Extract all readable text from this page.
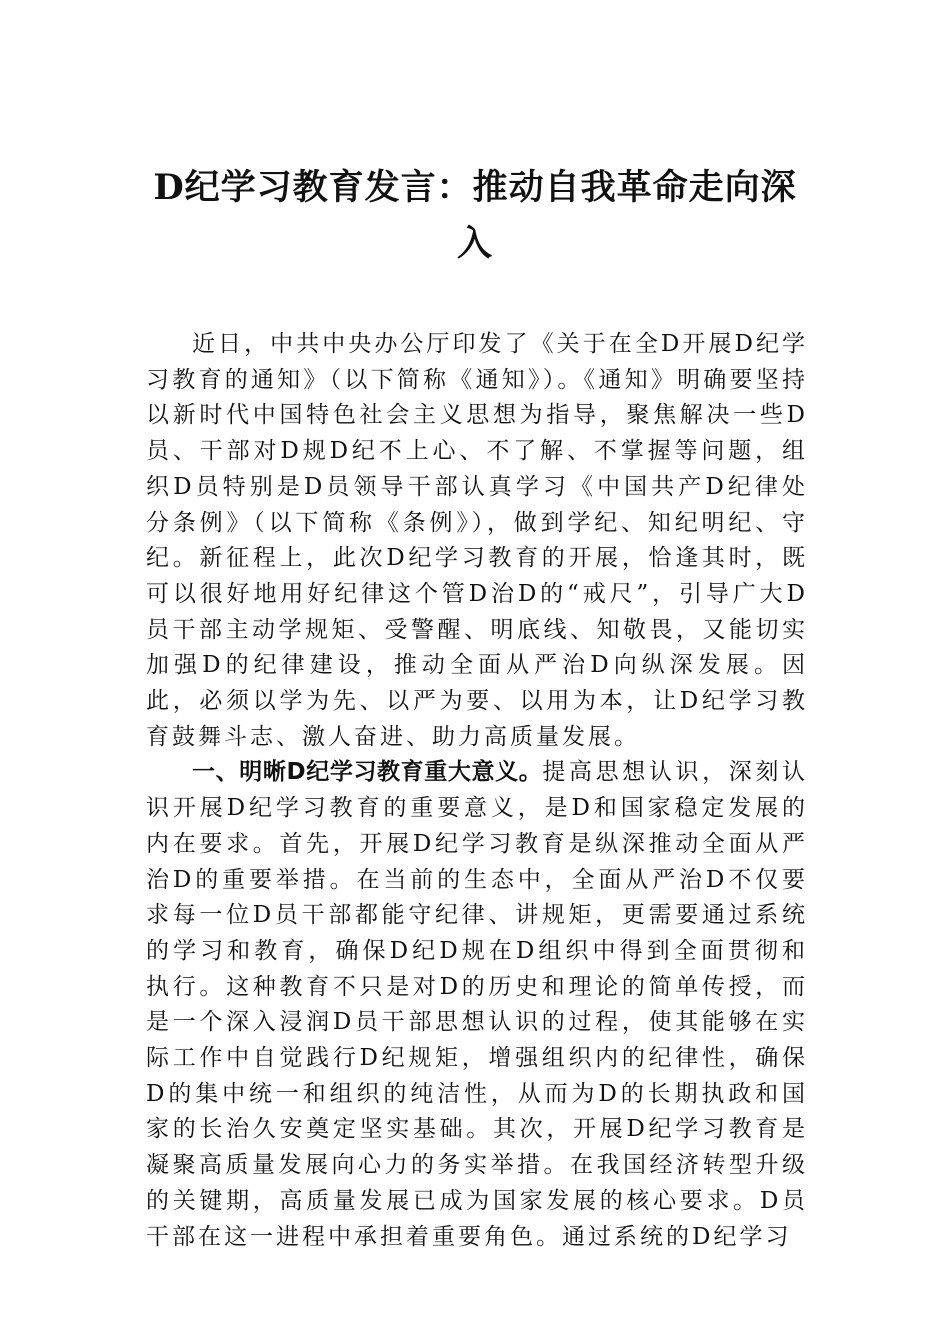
D纪学习教育发言：推动自我革命走向深入

近日，中共中央办公厅印发了《关于在全D开展D纪学习教育的通知》（以下简称《通知》）。《通知》明确要坚持以新时代中国特色社会主义思想为指导，聚焦解决一些D员、干部对D规D纪不上心、不了解、不掌握等问题，组织D员特别是D员领导干部认真学习《中国共产D纪律处分条例》（以下简称《条例》），做到学纪、知纪明纪、守纪。新征程上，此次D纪学习教育的开展，恰逢其时，既可以很好地用好纪律这个管D治D的“戒尺”，引导广大D员干部主动学规矩、受警醒、明底线、知敬畏，又能切实加强D的纪律建设，推动全面从严治D向纵深发展。因此，必须以学为先、以严为要、以用为本，让D纪学习教育鼓舞斗志、激人奋进、助力高质量发展。

一、明晰D纪学习教育重大意义。提高思想认识，深刻认识开展D纪学习教育的重要意义，是D和国家稳定发展的内在要求。首先，开展D纪学习教育是纵深推动全面从严治D的重要举措。在当前的生态中，全面从严治D不仅要求每一位D员干部都能守纪律、讲规矩，更需要通过系统的学习和教育，确保D纪D规在D组织中得到全面贯彻和执行。这种教育不只是对D的历史和理论的简单传授，而是一个深入浸润D员干部思想认识的过程，使其能够在实际工作中自觉践行D纪规矩，增强组织内的纪律性，确保D的集中统一和组织的纯洁性，从而为D的长期执政和国家的长治久安奠定坚实基础。其次，开展D纪学习教育是凝聚高质量发展向心力的务实举措。在我国经济转型升级的关键期，高质量发展已成为国家发展的核心要求。D员干部在这一进程中承担着重要角色。通过系统的D纪学习
